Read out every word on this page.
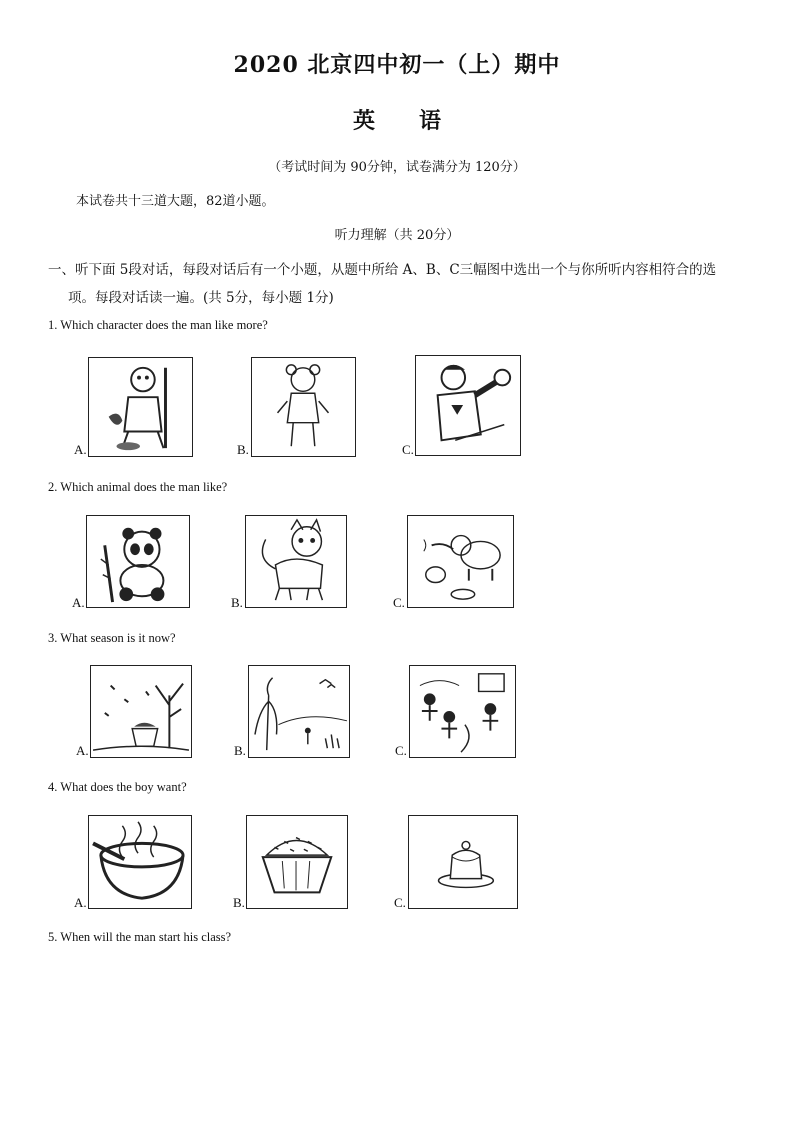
2020 北京四中初一（上）期中
英 语
（考试时间为 90分钟，试卷满分为 120分）
本试卷共十三道大题，82道小题。
听力理解（共 20分）
一、听下面 5段对话，每段对话后有一个小题，从题中所给 A、B、C三幅图中选出一个与你所听内容相符合的选
项。每段对话读一遍。(共 5分，每小题 1分)
1. Which character does the man like more?
A.	B.	C.
2. Which animal does the man like?
A.	B.	C.
3. What season is it now?
A.	B.	C.
4. What does the boy want?
A.	B.	C.
5. When will the man start his class?
